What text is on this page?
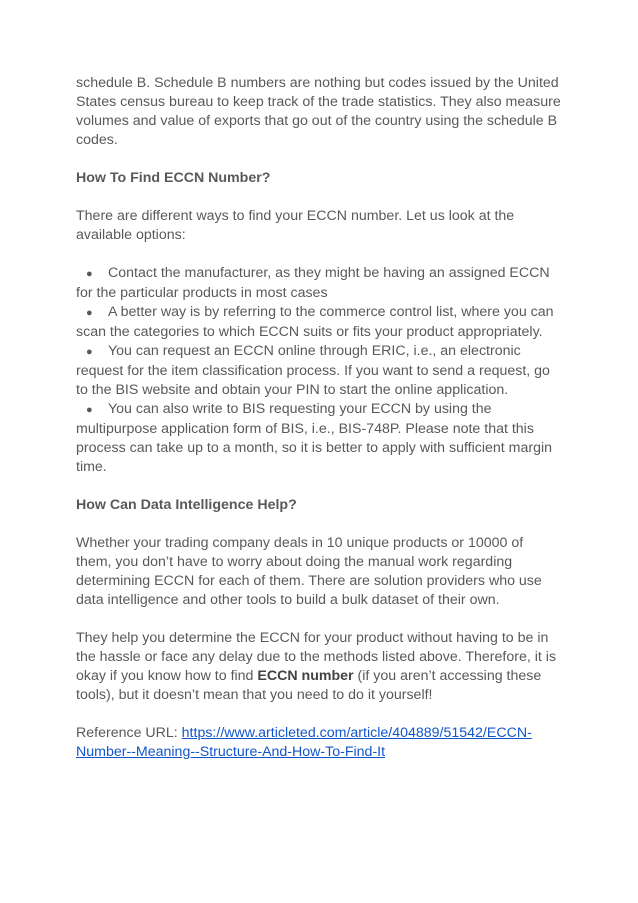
schedule B. Schedule B numbers are nothing but codes issued by the United States census bureau to keep track of the trade statistics. They also measure volumes and value of exports that go out of the country using the schedule B codes.

How To Find ECCN Number?

There are different ways to find your ECCN number. Let us look at the available options:

● Contact the manufacturer, as they might be having an assigned ECCN for the particular products in most cases
● A better way is by referring to the commerce control list, where you can scan the categories to which ECCN suits or fits your product appropriately.
● You can request an ECCN online through ERIC, i.e., an electronic request for the item classification process. If you want to send a request, go to the BIS website and obtain your PIN to start the online application.
● You can also write to BIS requesting your ECCN by using the multipurpose application form of BIS, i.e., BIS-748P. Please note that this process can take up to a month, so it is better to apply with sufficient margin time.
How Can Data Intelligence Help?

Whether your trading company deals in 10 unique products or 10000 of them, you don’t have to worry about doing the manual work regarding determining ECCN for each of them. There are solution providers who use data intelligence and other tools to build a bulk dataset of their own.

They help you determine the ECCN for your product without having to be in the hassle or face any delay due to the methods listed above. Therefore, it is okay if you know how to find ECCN number (if you aren’t accessing these tools), but it doesn’t mean that you need to do it yourself!

Reference URL: https://www.articleted.com/article/404889/51542/ECCN-Number--Meaning--Structure-And-How-To-Find-It
